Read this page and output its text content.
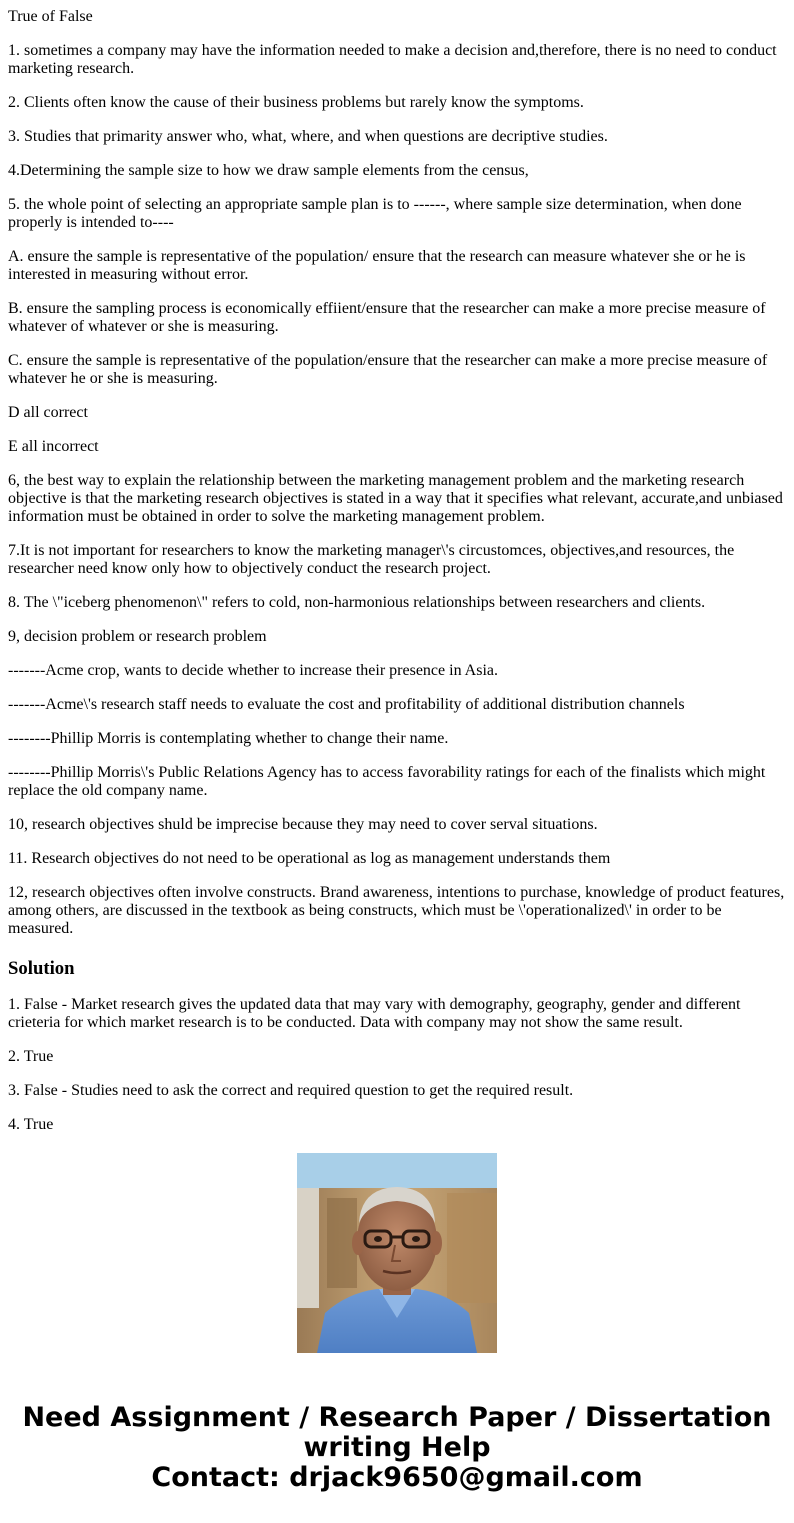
True of False

1. sometimes a company may have the information needed to make a decision and,therefore, there is no need to conduct marketing research.

2. Clients often know the cause of their business problems but rarely know the symptoms.

3. Studies that primarity answer who, what, where, and when questions are decriptive studies.

4.Determining the sample size to how we draw sample elements from the census,

5. the whole point of selecting an appropriate sample plan is to ------, where sample size determination, when done properly is intended to----

A. ensure the sample is representative of the population/ ensure that the research can measure whatever she or he is interested in measuring without error.

B. ensure the sampling process is economically effiient/ensure that the researcher can make a more precise measure of whatever of whatever or she is measuring.

C. ensure the sample is representative of the population/ensure that the researcher can make a more precise measure of whatever he or she is measuring.

D all correct

E all incorrect

6, the best way to explain the relationship between the marketing management problem and the marketing research objective is that the marketing research objectives is stated in a way that it specifies what relevant, accurate,and unbiased information must be obtained in order to solve the marketing management problem.

7.It is not important for researchers to know the marketing manager\'s circustomces, objectives,and resources, the researcher need know only how to objectively conduct the research project.

8. The \"iceberg phenomenon\" refers to cold, non-harmonious relationships between researchers and clients.

9, decision problem or research problem

-------Acme crop, wants to decide whether to increase their presence in Asia.

-------Acme\'s research staff needs to evaluate the cost and profitability of additional distribution channels

--------Phillip Morris is contemplating whether to change their name.

--------Phillip Morris\'s Public Relations Agency has to access favorability ratings for each of the finalists which might replace the old company name.

10, research objectives shuld be imprecise because they may need to cover serval situations.

11. Research objectives do not need to be operational as log as management understands them

12, research objectives often involve constructs. Brand awareness, intentions to purchase, knowledge of product features, among others, are discussed in the textbook as being constructs, which must be \'operationalized\' in order to be measured.

Solution

1. False - Market research gives the updated data that may vary with demography, geography, gender and different crieteria for which market research is to be conducted. Data with company may not show the same result.

2. True

3. False - Studies need to ask the correct and required question to get the required result.

4. True

Need Assignment / Research Paper / Dissertation
writing Help
Contact: drjack9650@gmail.com
